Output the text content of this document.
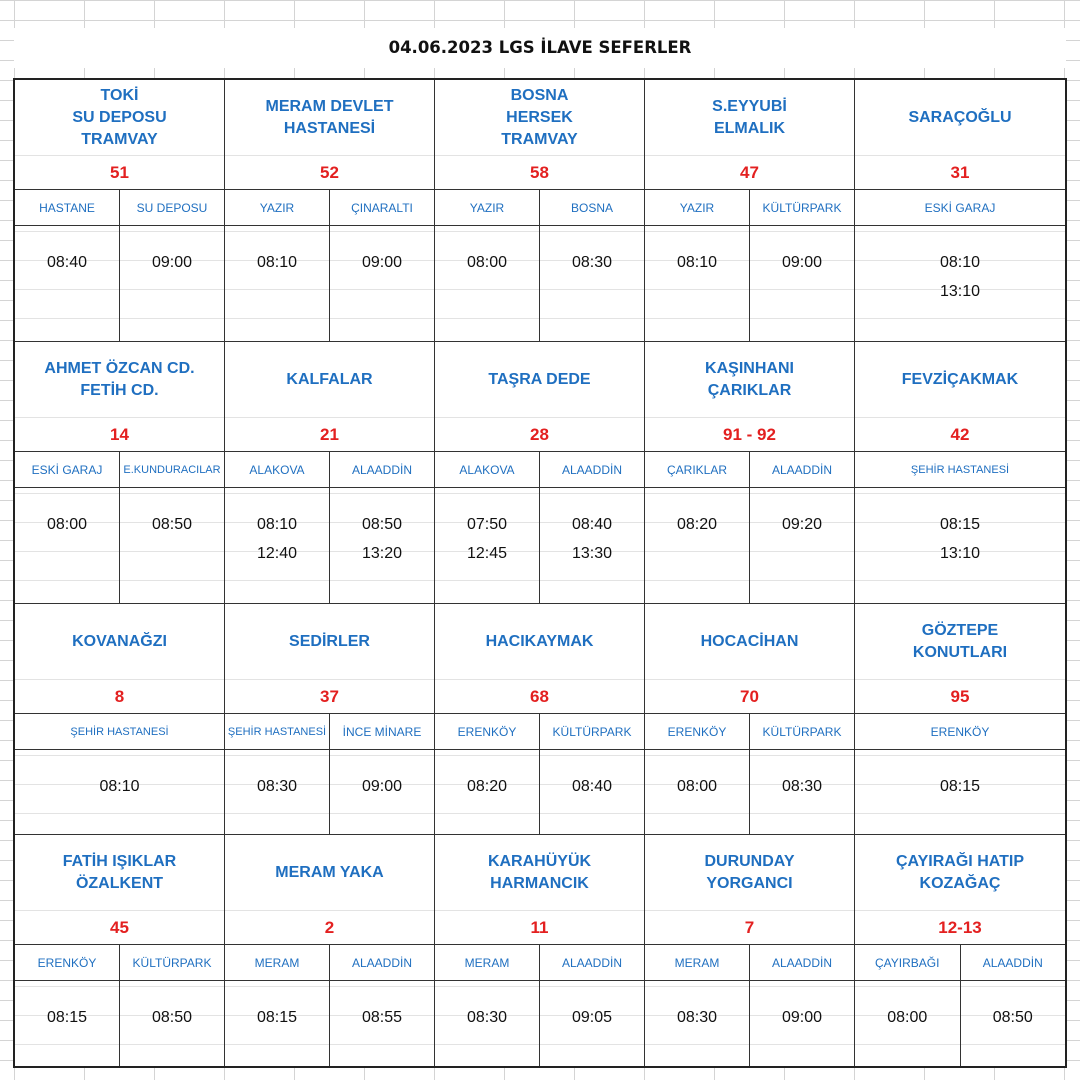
04.06.2023 LGS İLAVE SEFERLER
TOKİ
SU DEPOSU
TRAMVAY
51
HASTANE
08:40
SU DEPOSU
09:00
MERAM DEVLET
HASTANESİ
52
YAZIR
08:10
ÇINARALTI
09:00
BOSNA
HERSEK
TRAMVAY
58
YAZIR
08:00
BOSNA
08:30
S.EYYUBİ
ELMALIK
47
YAZIR
08:10
KÜLTÜRPARK
09:00
SARAÇOĞLU
31
ESKİ GARAJ
08:10
13:10
AHMET ÖZCAN CD.
FETİH CD.
14
ESKİ GARAJ
08:00
E.KUNDURACILAR
08:50
KALFALAR
21
ALAKOVA
08:10
12:40
ALAADDİN
08:50
13:20
TAŞRA DEDE
28
ALAKOVA
07:50
12:45
ALAADDİN
08:40
13:30
KAŞINHANI
ÇARIKLAR
91 - 92
ÇARIKLAR
08:20
ALAADDİN
09:20
FEVZİÇAKMAK
42
ŞEHİR HASTANESİ
08:15
13:10
KOVANAĞZI
8
ŞEHİR HASTANESİ
08:10
SEDİRLER
37
ŞEHİR HASTANESİ
08:30
İNCE MİNARE
09:00
HACIKAYMAK
68
ERENKÖY
08:20
KÜLTÜRPARK
08:40
HOCACİHAN
70
ERENKÖY
08:00
KÜLTÜRPARK
08:30
GÖZTEPE
KONUTLARI
95
ERENKÖY
08:15
FATİH IŞIKLAR
ÖZALKENT
45
ERENKÖY
08:15
KÜLTÜRPARK
08:50
MERAM YAKA
2
MERAM
08:15
ALAADDİN
08:55
KARAHÜYÜK
HARMANCIK
11
MERAM
08:30
ALAADDİN
09:05
DURUNDAY
YORGANCI
7
MERAM
08:30
ALAADDİN
09:00
ÇAYIRAĞI HATIP
KOZAĞAÇ
12-13
ÇAYIRBAĞI
08:00
ALAADDİN
08:50
